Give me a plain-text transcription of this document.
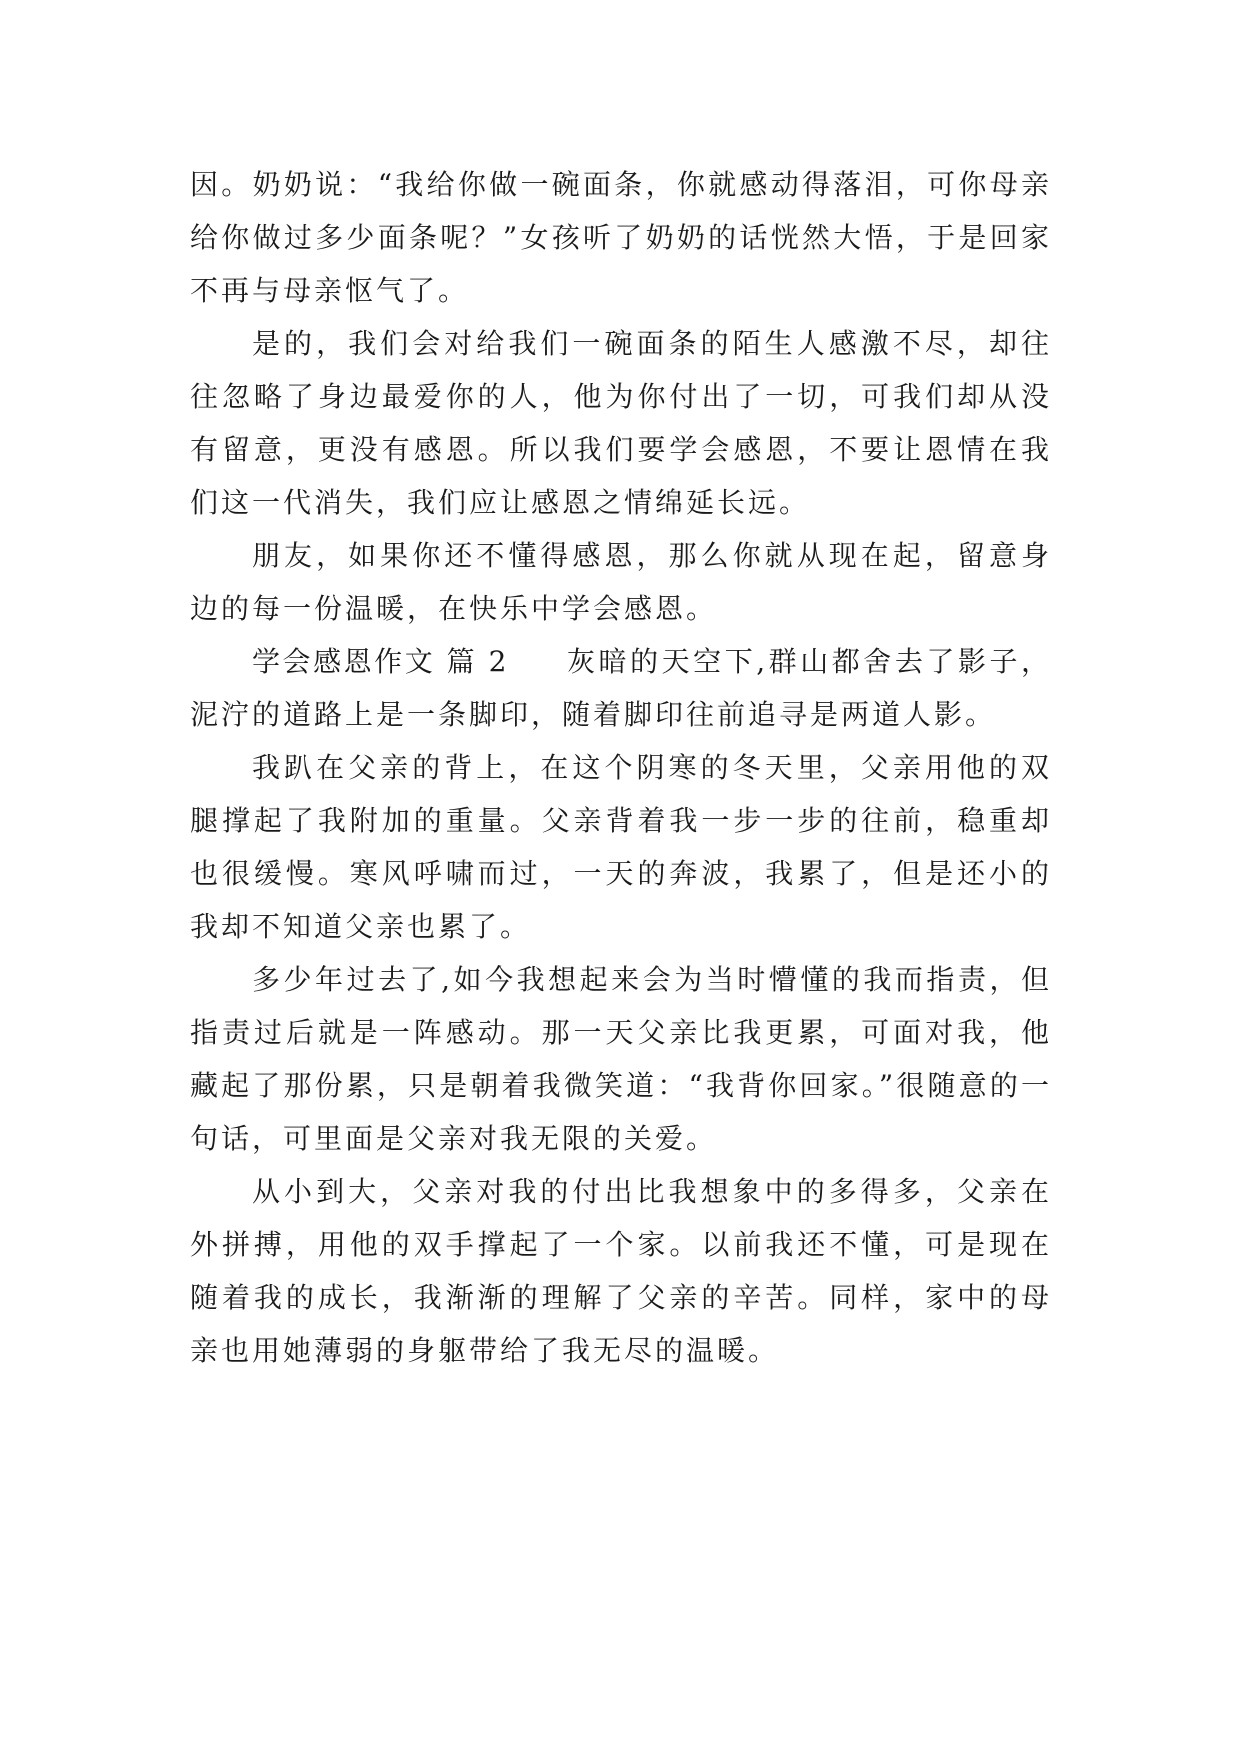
因。奶奶说：“我给你做一碗面条，你就感动得落泪，可你母亲给你做过多少面条呢？”女孩听了奶奶的话恍然大悟，于是回家不再与母亲怄气了。

是的，我们会对给我们一碗面条的陌生人感激不尽，却往往忽略了身边最爱你的人，他为你付出了一切，可我们却从没有留意，更没有感恩。所以我们要学会感恩，不要让恩情在我们这一代消失，我们应让感恩之情绵延长远。

朋友，如果你还不懂得感恩，那么你就从现在起，留意身边的每一份温暖，在快乐中学会感恩。

学会感恩作文 篇 2 灰暗的天空下,群山都舍去了影子，泥泞的道路上是一条脚印，随着脚印往前追寻是两道人影。

我趴在父亲的背上，在这个阴寒的冬天里，父亲用他的双腿撑起了我附加的重量。父亲背着我一步一步的往前，稳重却也很缓慢。寒风呼啸而过，一天的奔波，我累了，但是还小的我却不知道父亲也累了。

多少年过去了,如今我想起来会为当时懵懂的我而指责，但指责过后就是一阵感动。那一天父亲比我更累，可面对我，他藏起了那份累，只是朝着我微笑道：“我背你回家。”很随意的一句话，可里面是父亲对我无限的关爱。

从小到大，父亲对我的付出比我想象中的多得多，父亲在外拼搏，用他的双手撑起了一个家。以前我还不懂，可是现在随着我的成长，我渐渐的理解了父亲的辛苦。同样，家中的母亲也用她薄弱的身躯带给了我无尽的温暖。
